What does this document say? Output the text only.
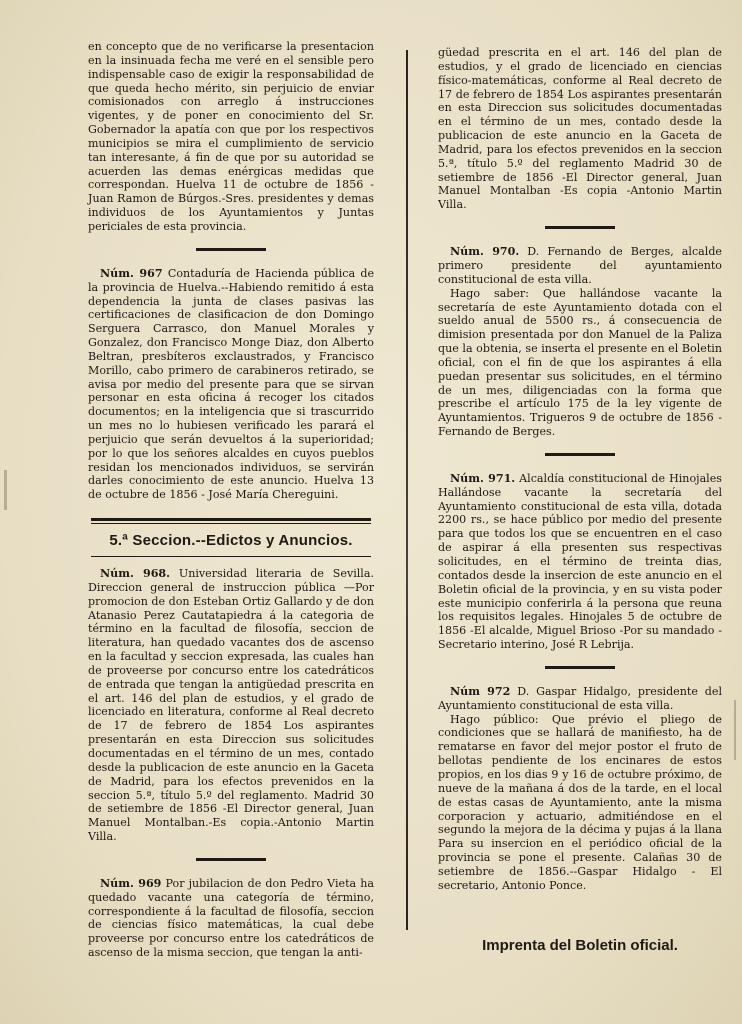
en concepto que de no verificarse la presentacion en la insinuada fecha me veré en el sensible pero indispensable caso de exigir la responsabilidad de que queda hecho mérito, sin perjuicio de enviar comisionados con arreglo á instrucciones vigentes, y de poner en conocimiento del Sr. Gobernador la apatía con que por los respectivos municipios se mira el cumplimiento de servicio tan interesante, á fin de que por su autoridad se acuerden las demas enérgicas medidas que correspondan. Huelva 11 de octubre de 1856 -Juan Ramon de Búrgos.-Sres. presidentes y demas individuos de los Ayuntamientos y Juntas periciales de esta provincia.

Núm. 967 Contaduría de Hacienda pública de la provincia de Huelva.--Habiendo remitido á esta dependencia la junta de clases pasivas las certificaciones de clasificacion de don Domingo Serguera Carrasco, don Manuel Morales y Gonzalez, don Francisco Monge Diaz, don Alberto Beltran, presbíteros exclaustrados, y Francisco Morillo, cabo primero de carabineros retirado, se avisa por medio del presente para que se sirvan personar en esta oficina á recoger los citados documentos; en la inteligencia que si trascurrido un mes no lo hubiesen verificado les parará el perjuicio que serán devueltos á la superioridad; por lo que los señores alcaldes en cuyos pueblos residan los mencionados individuos, se servirán darles conocimiento de este anuncio. Huelva 13 de octubre de 1856 - José María Chereguini.

5.ª Seccion.--Edictos y Anuncios.

Núm. 968. Universidad literaria de Sevilla. Direccion general de instruccion pública —Por promocion de don Esteban Ortiz Gallardo y de don Atanasio Perez Cautatapiedra á la categoria de término en la facultad de filosofía, seccion de literatura, han quedado vacantes dos de ascenso en la facultad y seccion expresada, las cuales han de proveerse por concurso entre los catedráticos de entrada que tengan la antigüedad prescrita en el art. 146 del plan de estudios, y el grado de licenciado en literatura, conforme al Real decreto de 17 de febrero de 1854 Los aspirantes presentarán en esta Direccion sus solicitudes documentadas en el término de un mes, contado desde la publicacion de este anuncio en la Gaceta de Madrid, para los efectos prevenidos en la seccion 5.ª, título 5.º del reglamento. Madrid 30 de setiembre de 1856 -El Director general, Juan Manuel Montalban.-Es copia.-Antonio Martin Villa.

Núm. 969 Por jubilacion de don Pedro Vieta ha quedado vacante una categoría de término, correspondiente á la facultad de filosofía, seccion de ciencias físico matemáticas, la cual debe proveerse por concurso entre los catedráticos de ascenso de la misma seccion, que tengan la anti-

güedad prescrita en el art. 146 del plan de estudios, y el grado de licenciado en ciencias físico-matemáticas, conforme al Real decreto de 17 de febrero de 1854 Los aspirantes presentarán en esta Direccion sus solicitudes documentadas en el término de un mes, contado desde la publicacion de este anuncio en la Gaceta de Madrid, para los efectos prevenidos en la seccion 5.ª, título 5.º del reglamento Madrid 30 de setiembre de 1856 -El Director general, Juan Manuel Montalban -Es copia -Antonio Martin Villa.

Núm. 970. D. Fernando de Berges, alcalde primero presidente del ayuntamiento constitucional de esta villa.

Hago saber: Que hallándose vacante la secretaría de este Ayuntamiento dotada con el sueldo anual de 5500 rs., á consecuencia de dimision presentada por don Manuel de la Paliza que la obtenia, se inserta el presente en el Boletin oficial, con el fin de que los aspirantes á ella puedan presentar sus solicitudes, en el término de un mes, diligenciadas con la forma que prescribe el artículo 175 de la ley vigente de Ayuntamientos. Trigueros 9 de octubre de 1856 -Fernando de Berges.

Núm. 971. Alcaldía constitucional de Hinojales Hallándose vacante la secretaría del Ayuntamiento constitucional de esta villa, dotada 2200 rs., se hace público por medio del presente para que todos los que se encuentren en el caso de aspirar á ella presenten sus respectivas solicitudes, en el término de treinta dias, contados desde la insercion de este anuncio en el Boletin oficial de la provincia, y en su vista poder este municipio conferirla á la persona que reuna los requisitos legales. Hinojales 5 de octubre de 1856 -El alcalde, Miguel Brioso -Por su mandado -Secretario interino, José R Lebrija.

Núm 972 D. Gaspar Hidalgo, presidente del Ayuntamiento constitucional de esta villa.

Hago público: Que prévio el pliego de condiciones que se hallará de manifiesto, ha de rematarse en favor del mejor postor el fruto de bellotas pendiente de los encinares de estos propios, en los dias 9 y 16 de octubre próximo, de nueve de la mañana á dos de la tarde, en el local de estas casas de Ayuntamiento, ante la misma corporacion y actuario, admitiéndose en el segundo la mejora de la décima y pujas á la llana Para su insercion en el periódico oficial de la provincia se pone el presente. Calañas 30 de setiembre de 1856.--Gaspar Hidalgo - El secretario, Antonio Ponce.

Imprenta del Boletin oficial.
